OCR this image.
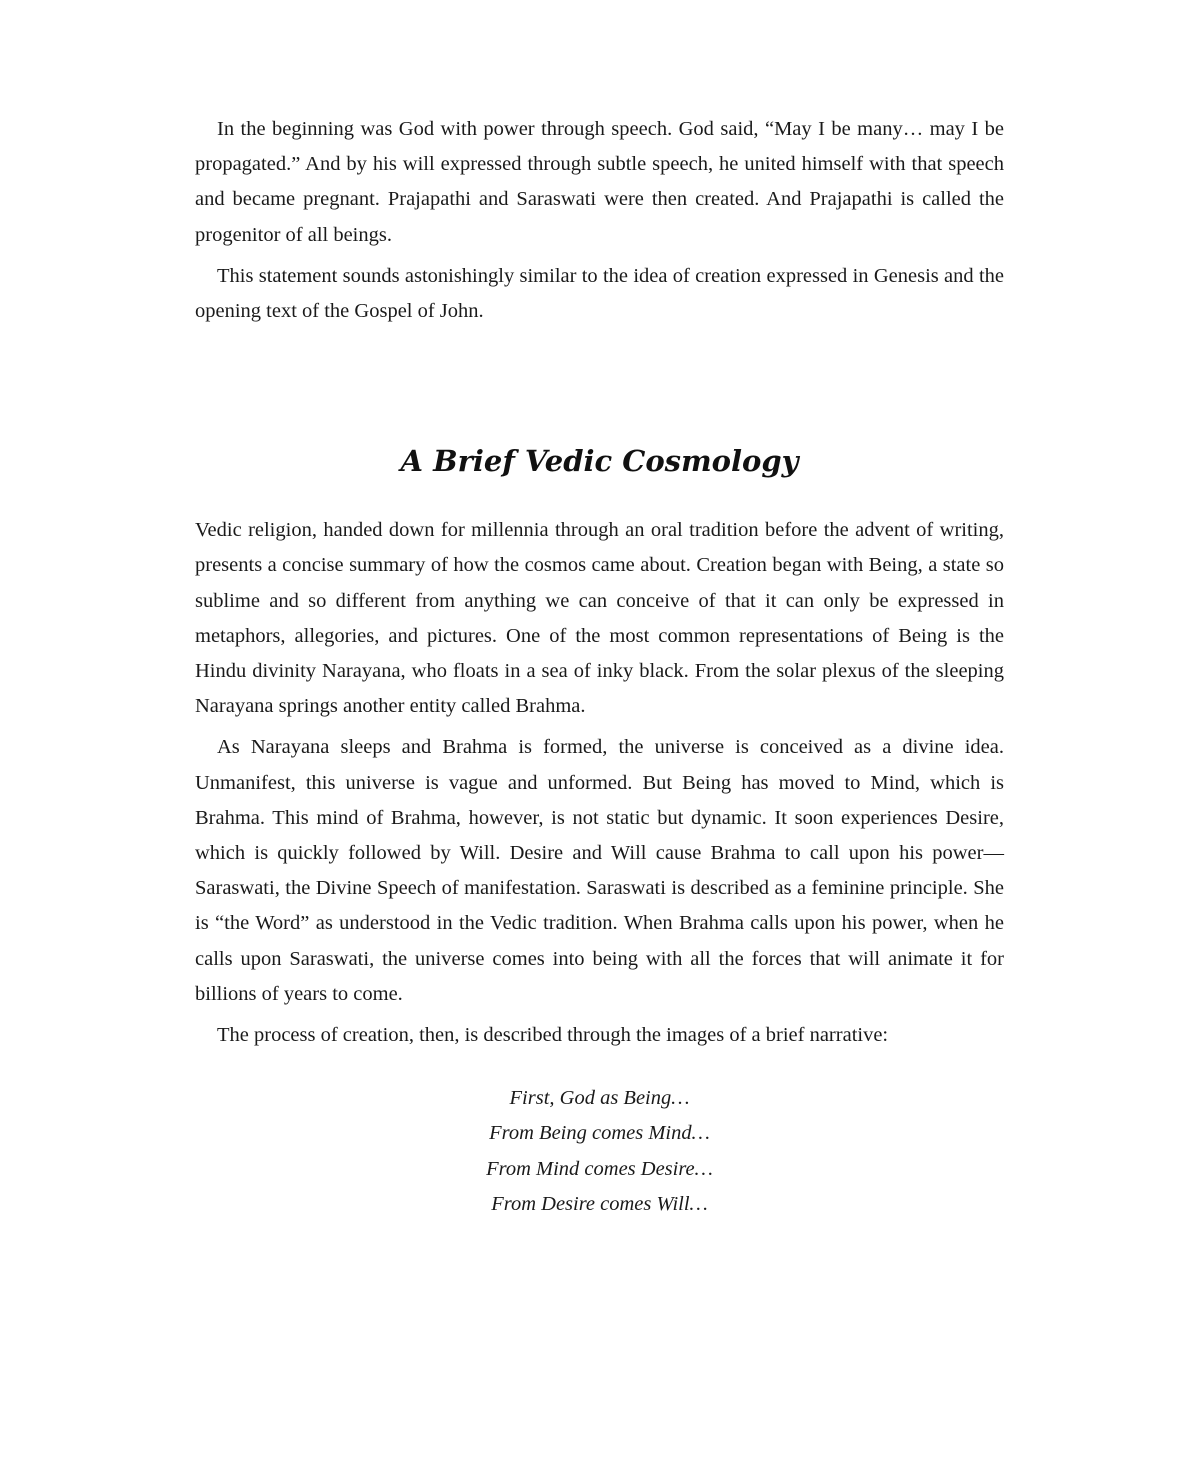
In the beginning was God with power through speech. God said, “May I be many… may I be propagated.” And by his will expressed through subtle speech, he united himself with that speech and became pregnant. Prajapathi and Saraswati were then created. And Prajapathi is called the progenitor of all beings.

This statement sounds astonishingly similar to the idea of creation expressed in Genesis and the opening text of the Gospel of John.

A Brief Vedic Cosmology

Vedic religion, handed down for millennia through an oral tradition before the advent of writing, presents a concise summary of how the cosmos came about. Creation began with Being, a state so sublime and so different from anything we can conceive of that it can only be expressed in metaphors, allegories, and pictures. One of the most common representations of Being is the Hindu divinity Narayana, who floats in a sea of inky black. From the solar plexus of the sleeping Narayana springs another entity called Brahma.

As Narayana sleeps and Brahma is formed, the universe is conceived as a divine idea. Unmanifest, this universe is vague and unformed. But Being has moved to Mind, which is Brahma. This mind of Brahma, however, is not static but dynamic. It soon experiences Desire, which is quickly followed by Will. Desire and Will cause Brahma to call upon his power—Saraswati, the Divine Speech of manifestation. Saraswati is described as a feminine principle. She is “the Word” as understood in the Vedic tradition. When Brahma calls upon his power, when he calls upon Saraswati, the universe comes into being with all the forces that will animate it for billions of years to come.

The process of creation, then, is described through the images of a brief narrative:

First, God as Being…
From Being comes Mind…
From Mind comes Desire…
From Desire comes Will…
